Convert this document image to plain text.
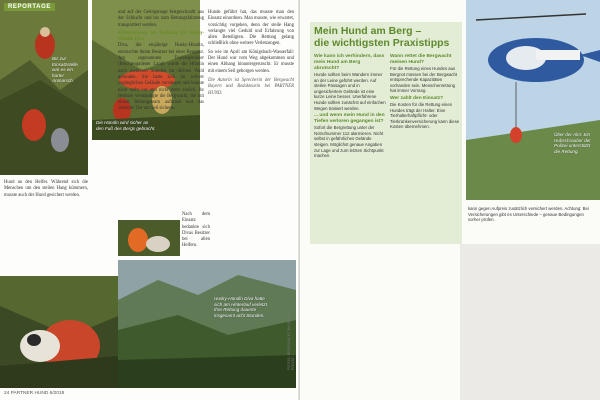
REPORTAGE
Bis zur Einsatzstelle war es ein harter Anmarsch.

Hund an den Helfer. Während sich die Menschen um den steilen Hang kümmern, musste auch der Hund gesichert werden.

Die Hündin wird sicher an den Fuß des Bergs gebracht.

und auf der Gebirgstrage festgeschnallt aus der Schlucht und bis zum Rettungsfahrzeug transportiert werden.

Kletterseinsatz am Steilhang für Husky-Hündin Diva

Diva, die einjährige Husky-Hündin, entwischte ihrem Besitzer bei einer Bergtour. Am sogenannten Teufelsgemäuer (Berchtesgadener Land) wurde die Hündin nach mehreren Stunden im dichten Wald gefunden. Sie hatte sich im schwer zugänglichen Gelände verstiegen und konnte nicht mehr vor und nicht mehr zurück. Ihr Besitzer verständigte die Bergwacht, die mit einem Rettungsteam aufbrach und das verletzte Tier am Seil sicherte.

Nach dem Einsatz bedankte sich Divas Besitzer bei allen Helfern.

Husky-Hündin Diva hatte sich am Hinterlauf verletzt. Ihre Rettung dauerte insgesamt acht Stunden.

Hunde geführt hat, das musste man den Einsatz einordnen. Man musste, wie erwartet, vorsichtig vorgehen, denn der steile Hang verlangte viel Geduld und Erfahrung von allen Beteiligten. Die Rettung gelang schließlich ohne weitere Verletzungen.

So wie im April am Königsbach-Wasserfall: Der Hund war vom Weg abgekommen und einen Abhang hinuntergerutscht. Er musste mit einem Seil geborgen werden.

Die Autorin ist Sprecherin der Bergwacht Bayern und Redakteurin bei PARTNER HUND.

FOTOS: BERGWACHT BAYERN / PRIVAT
24 PARTNER HUND 6/2018
Mein Hund am Berg –
die wichtigsten Praxistipps
Wie kann ich verhindern, dass mein Hund am Berg abrutscht?
Hunde sollten beim Wandern immer an der Leine geführt werden. Auf steilen Passagen und in ungesichertem Gelände ist eine kurze Leine besser. Unerfahrene Hunde sollten zunächst auf einfachen Wegen trainiert werden.
... und wenn mein Hund in den Tiefen verloren gegangen ist?
Sofort die Bergrettung unter der Notrufnummer 112 alarmieren. Nicht selbst in gefährliches Gelände steigen. Möglichst genaue Angaben zur Lage und zum letzten Sichtpunkt machen.
Wann rettet die Bergwacht meinen Hund?
Für die Rettung eines Hundes aus Bergnot müssen bei der Bergwacht entsprechende Kapazitäten vorhanden sein. Menschenrettung hat immer Vorrang.
Wer zahlt den Einsatz?
Die Kosten für die Rettung eines Hundes trägt der Halter. Eine Tierhalterhaftpflicht- oder Tierkrankenversicherung kann diese Kosten übernehmen.
Über der Alm: Ein Hubschrauber der Polizei unterstützt die Rettung.
kann gegen Aufpreis zusätzlich versichert werden. Achtung: Bei Versicherungen gibt es Unterschiede – genaue Bedingungen vorher prüfen.
